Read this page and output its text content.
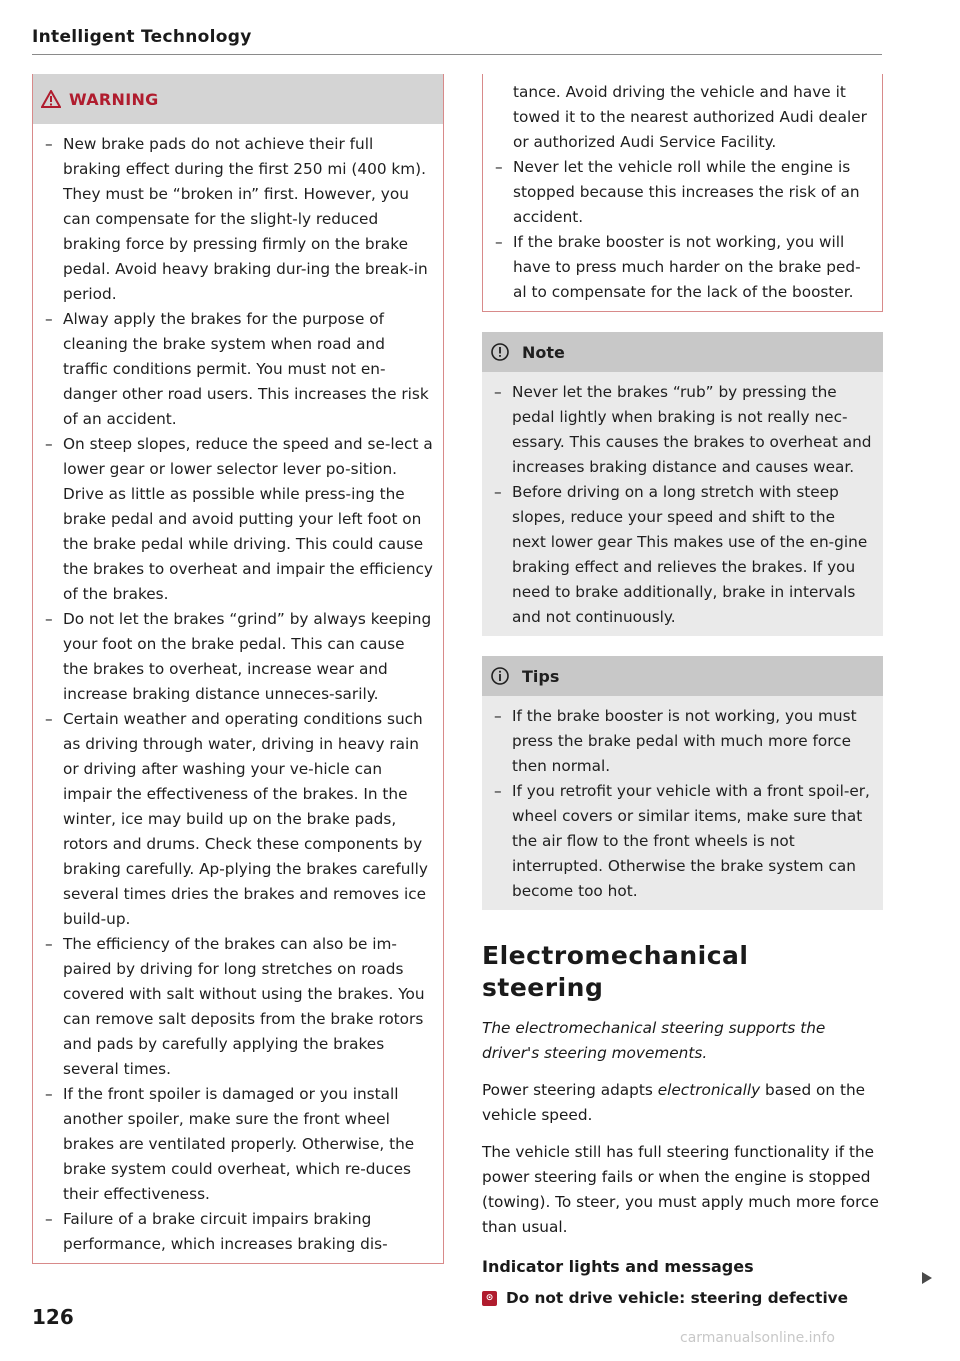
Intelligent Technology
WARNING
– New brake pads do not achieve their full braking effect during the first 250 mi (400 km). They must be “broken in” first. However, you can compensate for the slight-ly reduced braking force by pressing firmly on the brake pedal. Avoid heavy braking dur-ing the break-in period.
– Alway apply the brakes for the purpose of cleaning the brake system when road and traffic conditions permit. You must not en-danger other road users. This increases the risk of an accident.
– On steep slopes, reduce the speed and se-lect a lower gear or lower selector lever po-sition. Drive as little as possible while press-ing the brake pedal and avoid putting your left foot on the brake pedal while driving. This could cause the brakes to overheat and impair the efficiency of the brakes.
– Do not let the brakes “grind” by always keeping your foot on the brake pedal. This can cause the brakes to overheat, increase wear and increase braking distance unneces-sarily.
– Certain weather and operating conditions such as driving through water, driving in heavy rain or driving after washing your ve-hicle can impair the effectiveness of the brakes. In the winter, ice may build up on the brake pads, rotors and drums. Check these components by braking carefully. Ap-plying the brakes carefully several times dries the brakes and removes ice build-up.
– The efficiency of the brakes can also be im-paired by driving for long stretches on roads covered with salt without using the brakes. You can remove salt deposits from the brake rotors and pads by carefully applying the brakes several times.
– If the front spoiler is damaged or you install another spoiler, make sure the front wheel brakes are ventilated properly. Otherwise, the brake system could overheat, which re-duces their effectiveness.
– Failure of a brake circuit impairs braking performance, which increases braking dis-
tance. Avoid driving the vehicle and have it towed it to the nearest authorized Audi dealer or authorized Audi Service Facility.
– Never let the vehicle roll while the engine is stopped because this increases the risk of an accident.
– If the brake booster is not working, you will have to press much harder on the brake ped-al to compensate for the lack of the booster.
Note
– Never let the brakes “rub” by pressing the pedal lightly when braking is not really nec-essary. This causes the brakes to overheat and increases braking distance and causes wear.
– Before driving on a long stretch with steep slopes, reduce your speed and shift to the next lower gear This makes use of the en-gine braking effect and relieves the brakes. If you need to brake additionally, brake in intervals and not continuously.
Tips
– If the brake booster is not working, you must press the brake pedal with much more force then normal.
– If you retrofit your vehicle with a front spoil-er, wheel covers or similar items, make sure that the air flow to the front wheels is not interrupted. Otherwise the brake system can become too hot.
Electromechanical
steering
The electromechanical steering supports the driver's steering movements.
Power steering adapts electronically based on the vehicle speed.
The vehicle still has full steering functionality if the power steering fails or when the engine is stopped (towing). To steer, you must apply much more force than usual.
Indicator lights and messages
⊙ Do not drive vehicle: steering defective
126
carmanualsonline.info
